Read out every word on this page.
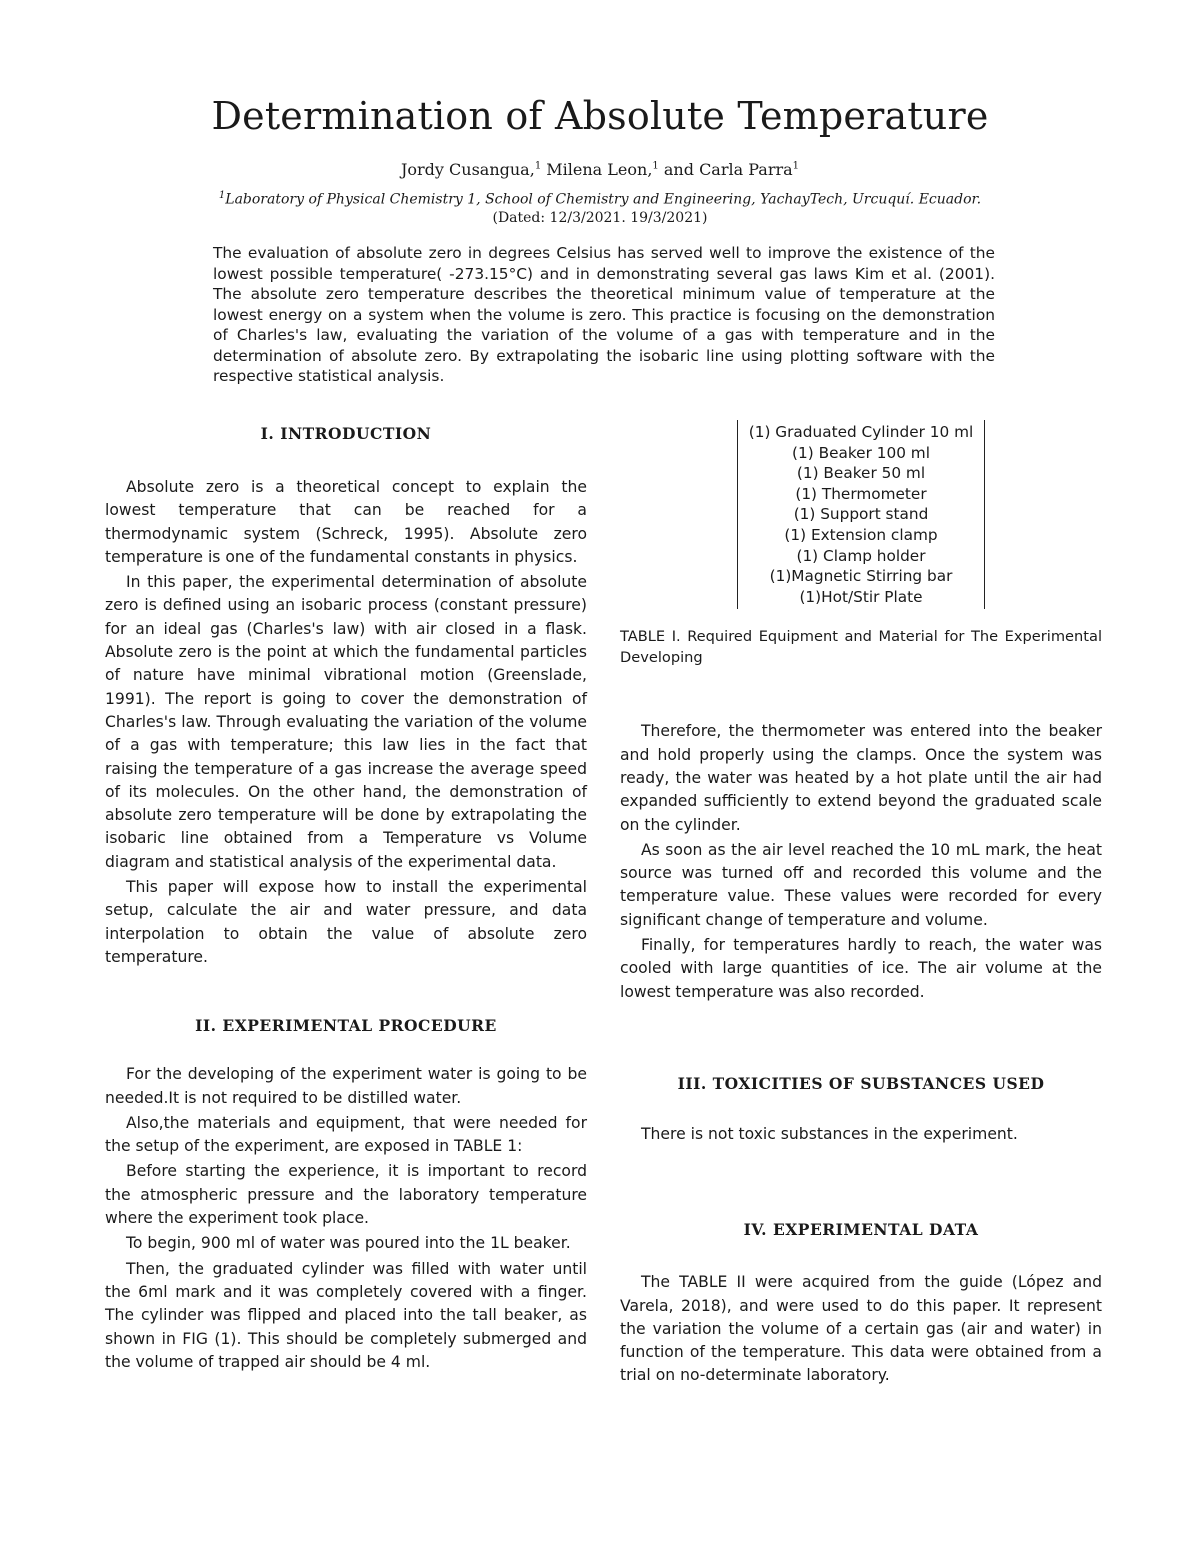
Determination of Absolute Temperature
Jordy Cusangua,$^1$ Milena Leon,$^1$ and Carla Parra$^1$
$^1$Laboratory of Physical Chemistry 1, School of Chemistry and Engineering, YachayTech, Urcuquí. Ecuador.
(Dated: 12/3/2021. 19/3/2021)
The evaluation of absolute zero in degrees Celsius has served well to improve the existence of the lowest possible temperature( -273.15°C) and in demonstrating several gas laws Kim et al. (2001). The absolute zero temperature describes the theoretical minimum value of temperature at the lowest energy on a system when the volume is zero. This practice is focusing on the demonstration of Charles's law, evaluating the variation of the volume of a gas with temperature and in the determination of absolute zero. By extrapolating the isobaric line using plotting software with the respective statistical analysis.
I. INTRODUCTION

Absolute zero is a theoretical concept to explain the lowest temperature that can be reached for a thermodynamic system (Schreck, 1995). Absolute zero temperature is one of the fundamental constants in physics.

In this paper, the experimental determination of absolute zero is defined using an isobaric process (constant pressure) for an ideal gas (Charles's law) with air closed in a flask. Absolute zero is the point at which the fundamental particles of nature have minimal vibrational motion (Greenslade, 1991). The report is going to cover the demonstration of Charles's law. Through evaluating the variation of the volume of a gas with temperature; this law lies in the fact that raising the temperature of a gas increase the average speed of its molecules. On the other hand, the demonstration of absolute zero temperature will be done by extrapolating the isobaric line obtained from a Temperature vs Volume diagram and statistical analysis of the experimental data.

This paper will expose how to install the experimental setup, calculate the air and water pressure, and data interpolation to obtain the value of absolute zero temperature.

II. EXPERIMENTAL PROCEDURE

For the developing of the experiment water is going to be needed.It is not required to be distilled water.

Also,the materials and equipment, that were needed for the setup of the experiment, are exposed in TABLE 1:

Before starting the experience, it is important to record the atmospheric pressure and the laboratory temperature where the experiment took place.

To begin, 900 ml of water was poured into the 1L beaker.

Then, the graduated cylinder was filled with water until the 6ml mark and it was completely covered with a finger. The cylinder was flipped and placed into the tall beaker, as shown in FIG (1). This should be completely submerged and the volume of trapped air should be 4 ml.

(1) Graduated Cylinder 10 ml
(1) Beaker 100 ml
(1) Beaker 50 ml
(1) Thermometer
(1) Support stand
(1) Extension clamp
(1) Clamp holder
(1)Magnetic Stirring bar
(1)Hot/Stir Plate
TABLE I. Required Equipment and Material for The Experimental Developing

Therefore, the thermometer was entered into the beaker and hold properly using the clamps. Once the system was ready, the water was heated by a hot plate until the air had expanded sufficiently to extend beyond the graduated scale on the cylinder.

As soon as the air level reached the 10 mL mark, the heat source was turned off and recorded this volume and the temperature value. These values were recorded for every significant change of temperature and volume.

Finally, for temperatures hardly to reach, the water was cooled with large quantities of ice. The air volume at the lowest temperature was also recorded.

III. TOXICITIES OF SUBSTANCES USED

There is not toxic substances in the experiment.

IV. EXPERIMENTAL DATA

The TABLE II were acquired from the guide (López and Varela, 2018), and were used to do this paper. It represent the variation the volume of a certain gas (air and water) in function of the temperature. This data were obtained from a trial on no-determinate laboratory.
